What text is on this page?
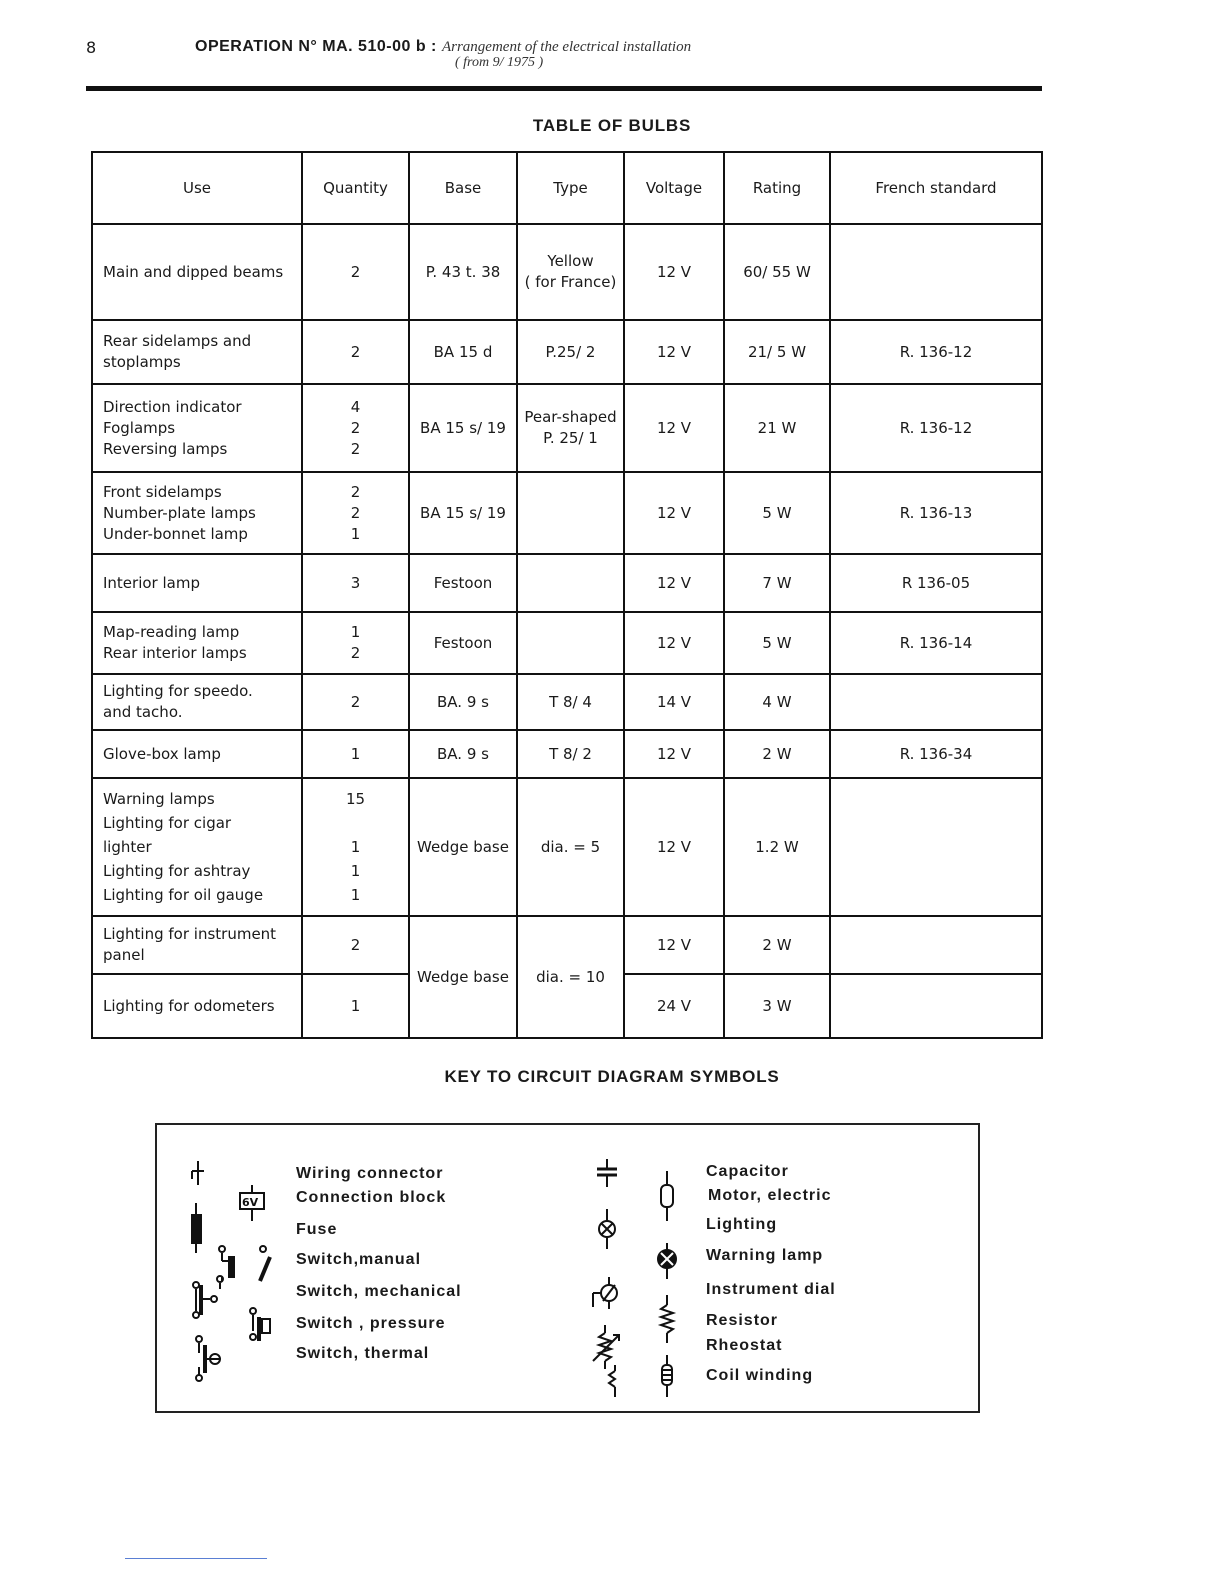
8	OPERATION N° MA. 510-00 b : Arrangement of the electrical installation
( from 9/ 1975 )
TABLE OF BULBS
Use	Quantity	Base	Type	Voltage	Rating	French standard

Main and dipped beams	2	P. 43 t. 38	Yellow
( for France)	12 V	60/ 55 W	

Rear sidelamps and
stoplamps	2	BA 15 d	P.25/ 2	12 V	21/ 5 W	R. 136-12

Direction indicator
Foglamps
Reversing lamps	4
2
2	BA 15 s/ 19	Pear-shaped
P. 25/ 1	12 V	21 W	R. 136-12

Front sidelamps
Number-plate lamps
Under-bonnet lamp	2
2
1	BA 15 s/ 19		12 V	5 W	R. 136-13

Interior lamp	3	Festoon		12 V	7 W	R 136-05

Map-reading lamp
Rear interior lamps	1
2	Festoon		12 V	5 W	R. 136-14

Lighting for speedo.
and tacho.	2	BA. 9 s	T 8/ 4	14 V	4 W	

Glove-box lamp	1	BA. 9 s	T 8/ 2	12 V	2 W	R. 136-34

Warning lamps
Lighting for cigar
lighter
Lighting for ashtray
Lighting for oil gauge	15
1
1
1	Wedge base	dia. = 5	12 V	1.2 W	

Lighting for instrument
panel	2	Wedge base	dia. = 10	12 V	2 W	

Lighting for odometers	1			24 V	3 W	
KEY TO CIRCUIT DIAGRAM SYMBOLS
6V
Wiring connector
Connection block
Fuse
Switch,manual
Switch, mechanical
Switch , pressure
Switch, thermal
Capacitor
Motor, electric
Lighting
Warning lamp
Instrument dial
Resistor
Rheostat
Coil winding
